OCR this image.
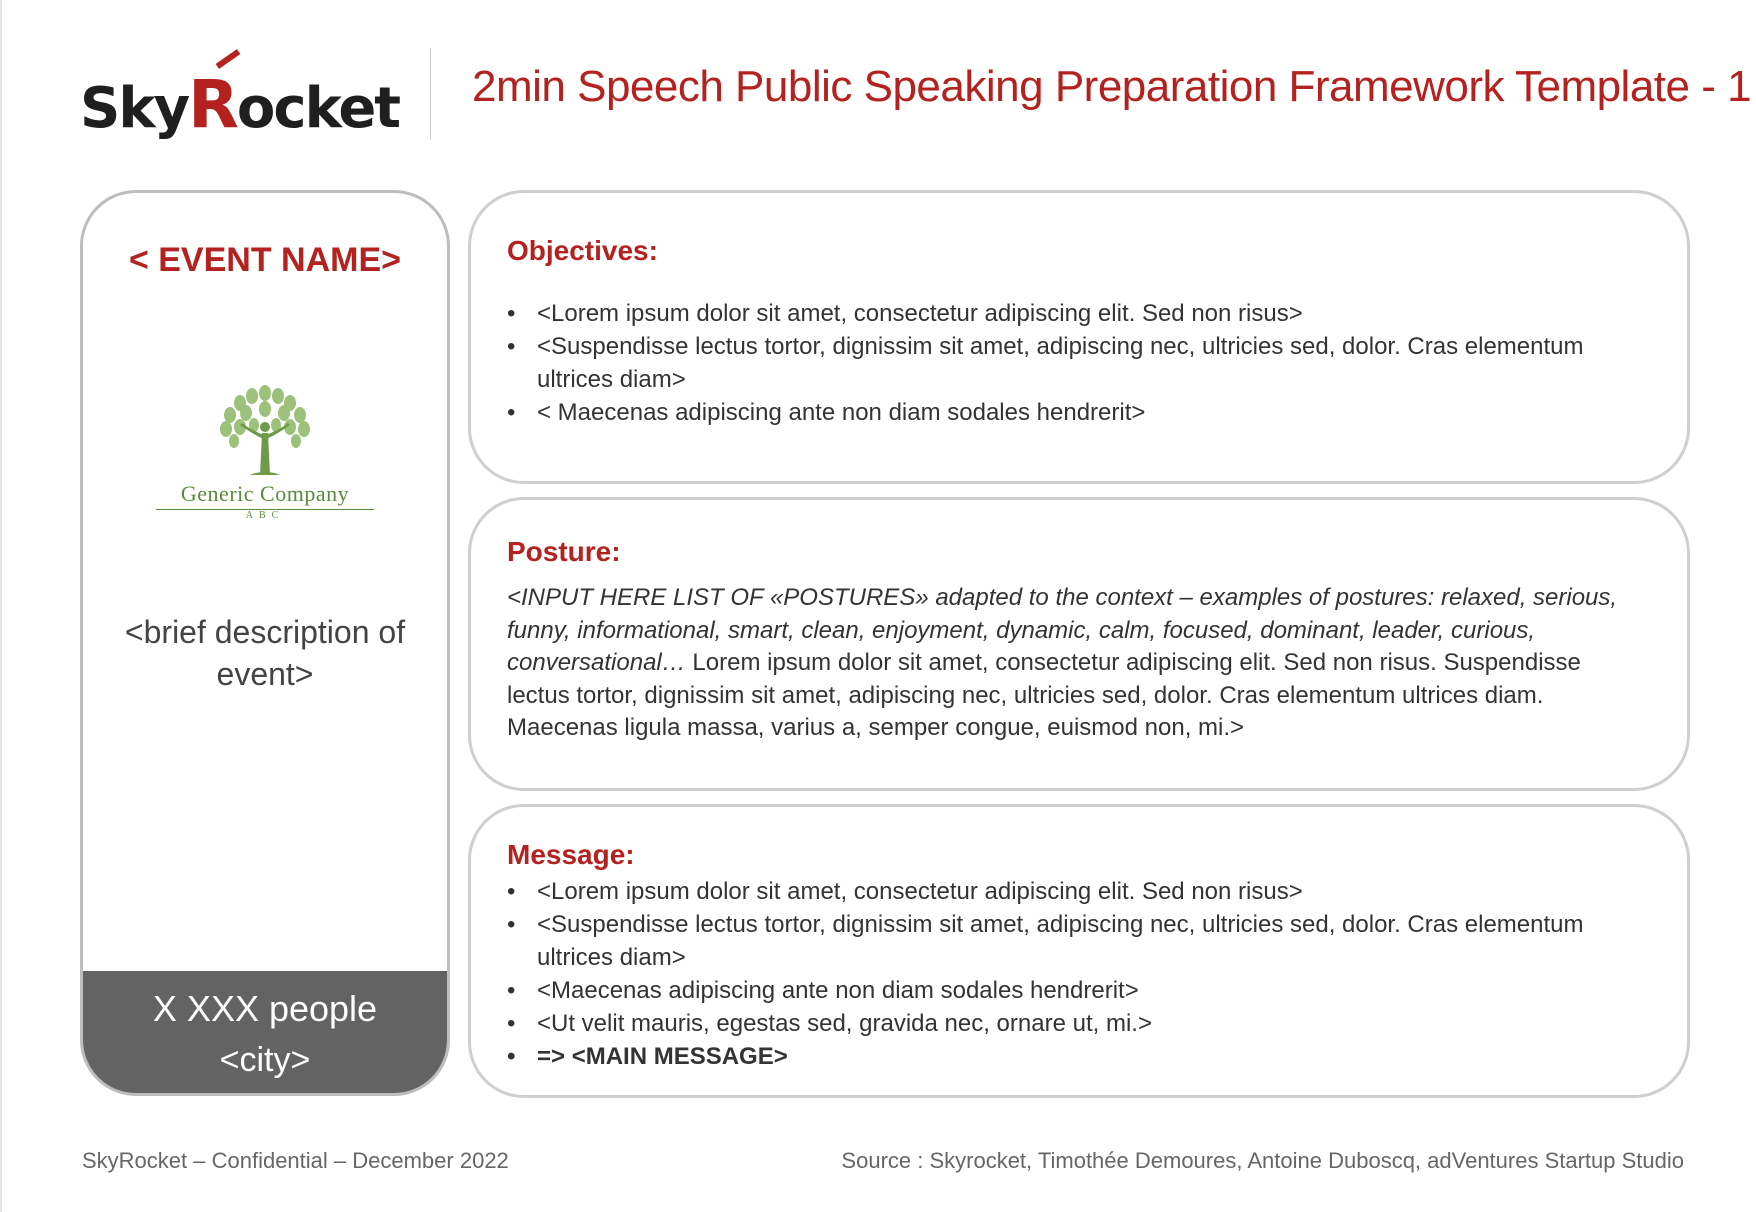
SkyRocket 2min Speech Public Speaking Preparation Framework Template - 1
< EVENT NAME>
Generic Company
ABC
<brief description of event>
X XXX people
<city>
Objectives:
• <Lorem ipsum dolor sit amet, consectetur adipiscing elit. Sed non risus>
• <Suspendisse lectus tortor, dignissim sit amet, adipiscing nec, ultricies sed, dolor. Cras elementum ultrices diam>
• < Maecenas adipiscing ante non diam sodales hendrerit>
Posture:

<INPUT HERE LIST OF «POSTURES» adapted to the context – examples of postures: relaxed, serious, funny, informational, smart, clean, enjoyment, dynamic, calm, focused, dominant, leader, curious, conversational… Lorem ipsum dolor sit amet, consectetur adipiscing elit. Sed non risus. Suspendisse lectus tortor, dignissim sit amet, adipiscing nec, ultricies sed, dolor. Cras elementum ultrices diam. Maecenas ligula massa, varius a, semper congue, euismod non, mi.>

Message:
• <Lorem ipsum dolor sit amet, consectetur adipiscing elit. Sed non risus>
• <Suspendisse lectus tortor, dignissim sit amet, adipiscing nec, ultricies sed, dolor. Cras elementum ultrices diam>
• <Maecenas adipiscing ante non diam sodales hendrerit>
• <Ut velit mauris, egestas sed, gravida nec, ornare ut, mi.>
• => <MAIN MESSAGE>
SkyRocket – Confidential – December 2022	Source : Skyrocket, Timothée Demoures, Antoine Duboscq, adVentures Startup Studio
